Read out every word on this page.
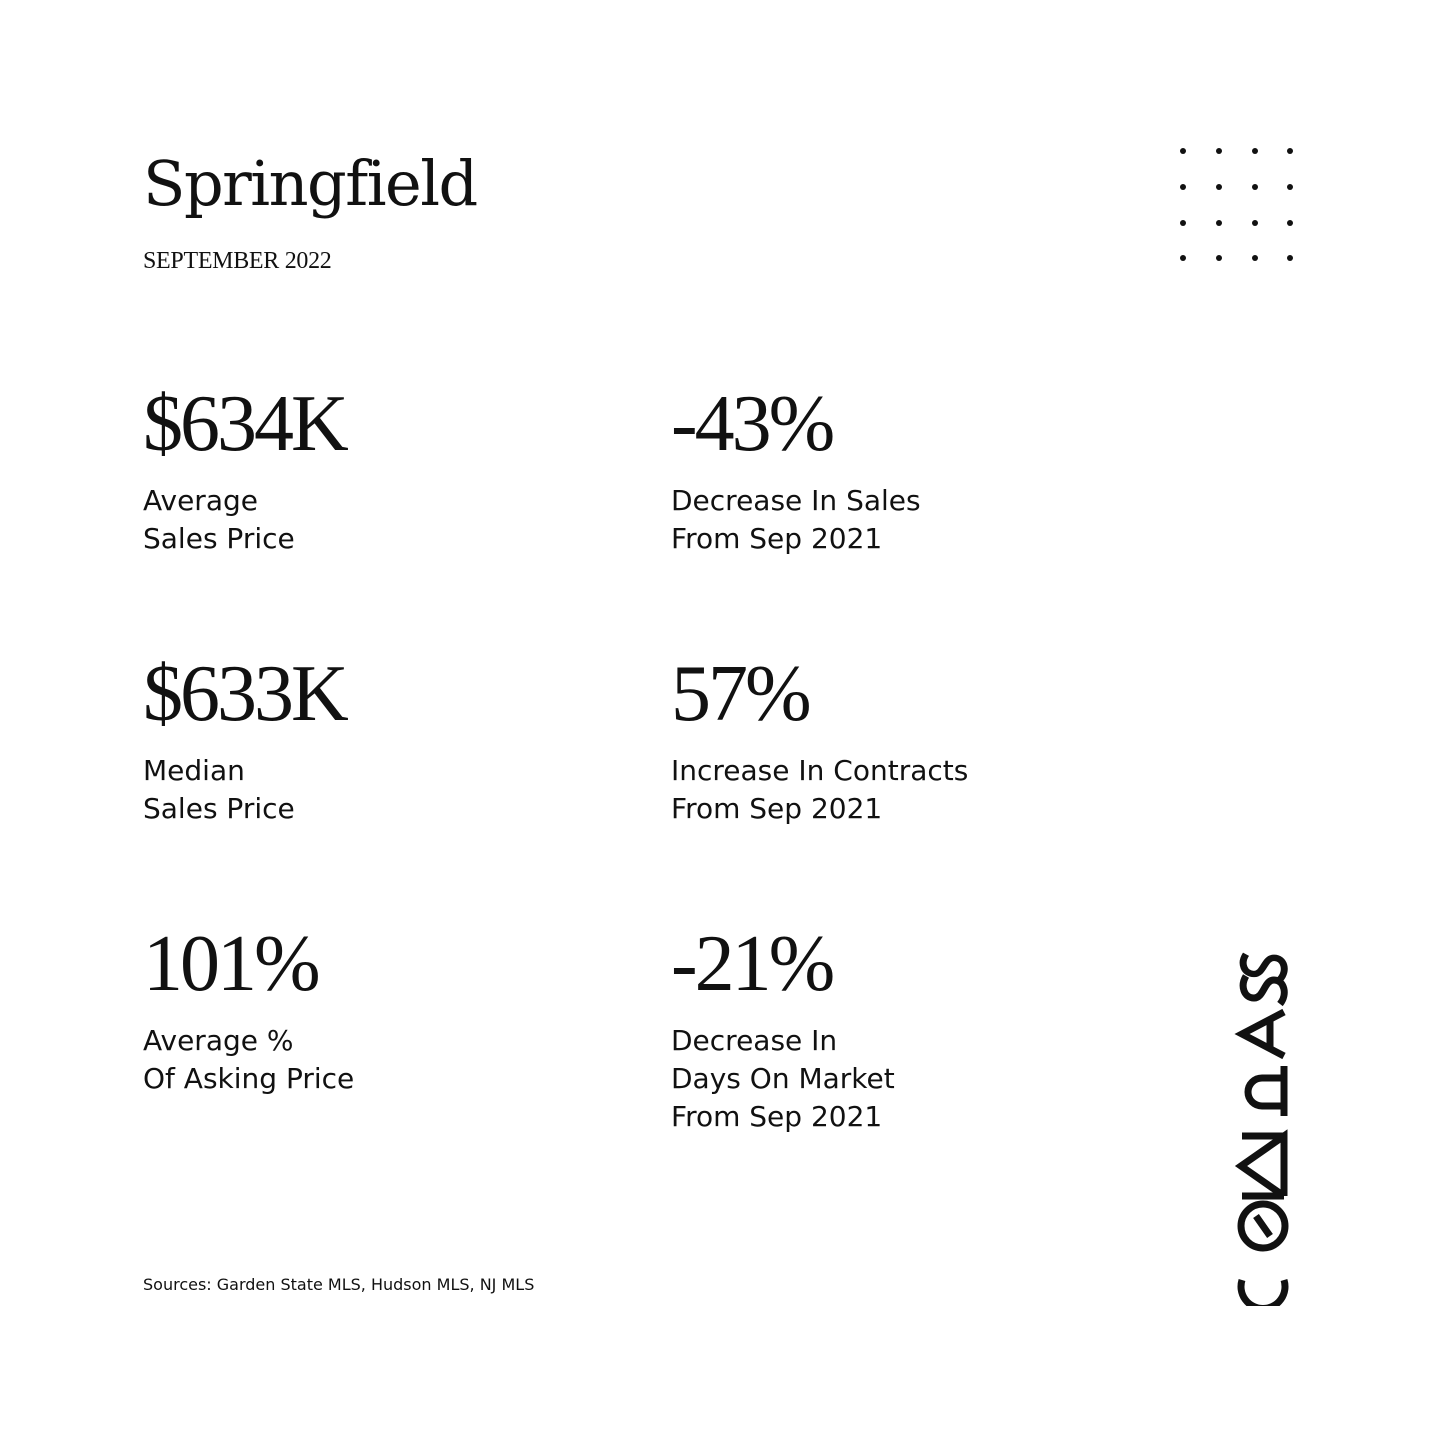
Springfield
SEPTEMBER 2022
$634K
Average
Sales Price
-43%
Decrease In Sales
From Sep 2021
$633K
Median
Sales Price
57%
Increase In Contracts
From Sep 2021
101%
Average %
Of Asking Price
-21%
Decrease In
Days On Market
From Sep 2021
Sources: Garden State MLS, Hudson MLS, NJ MLS
